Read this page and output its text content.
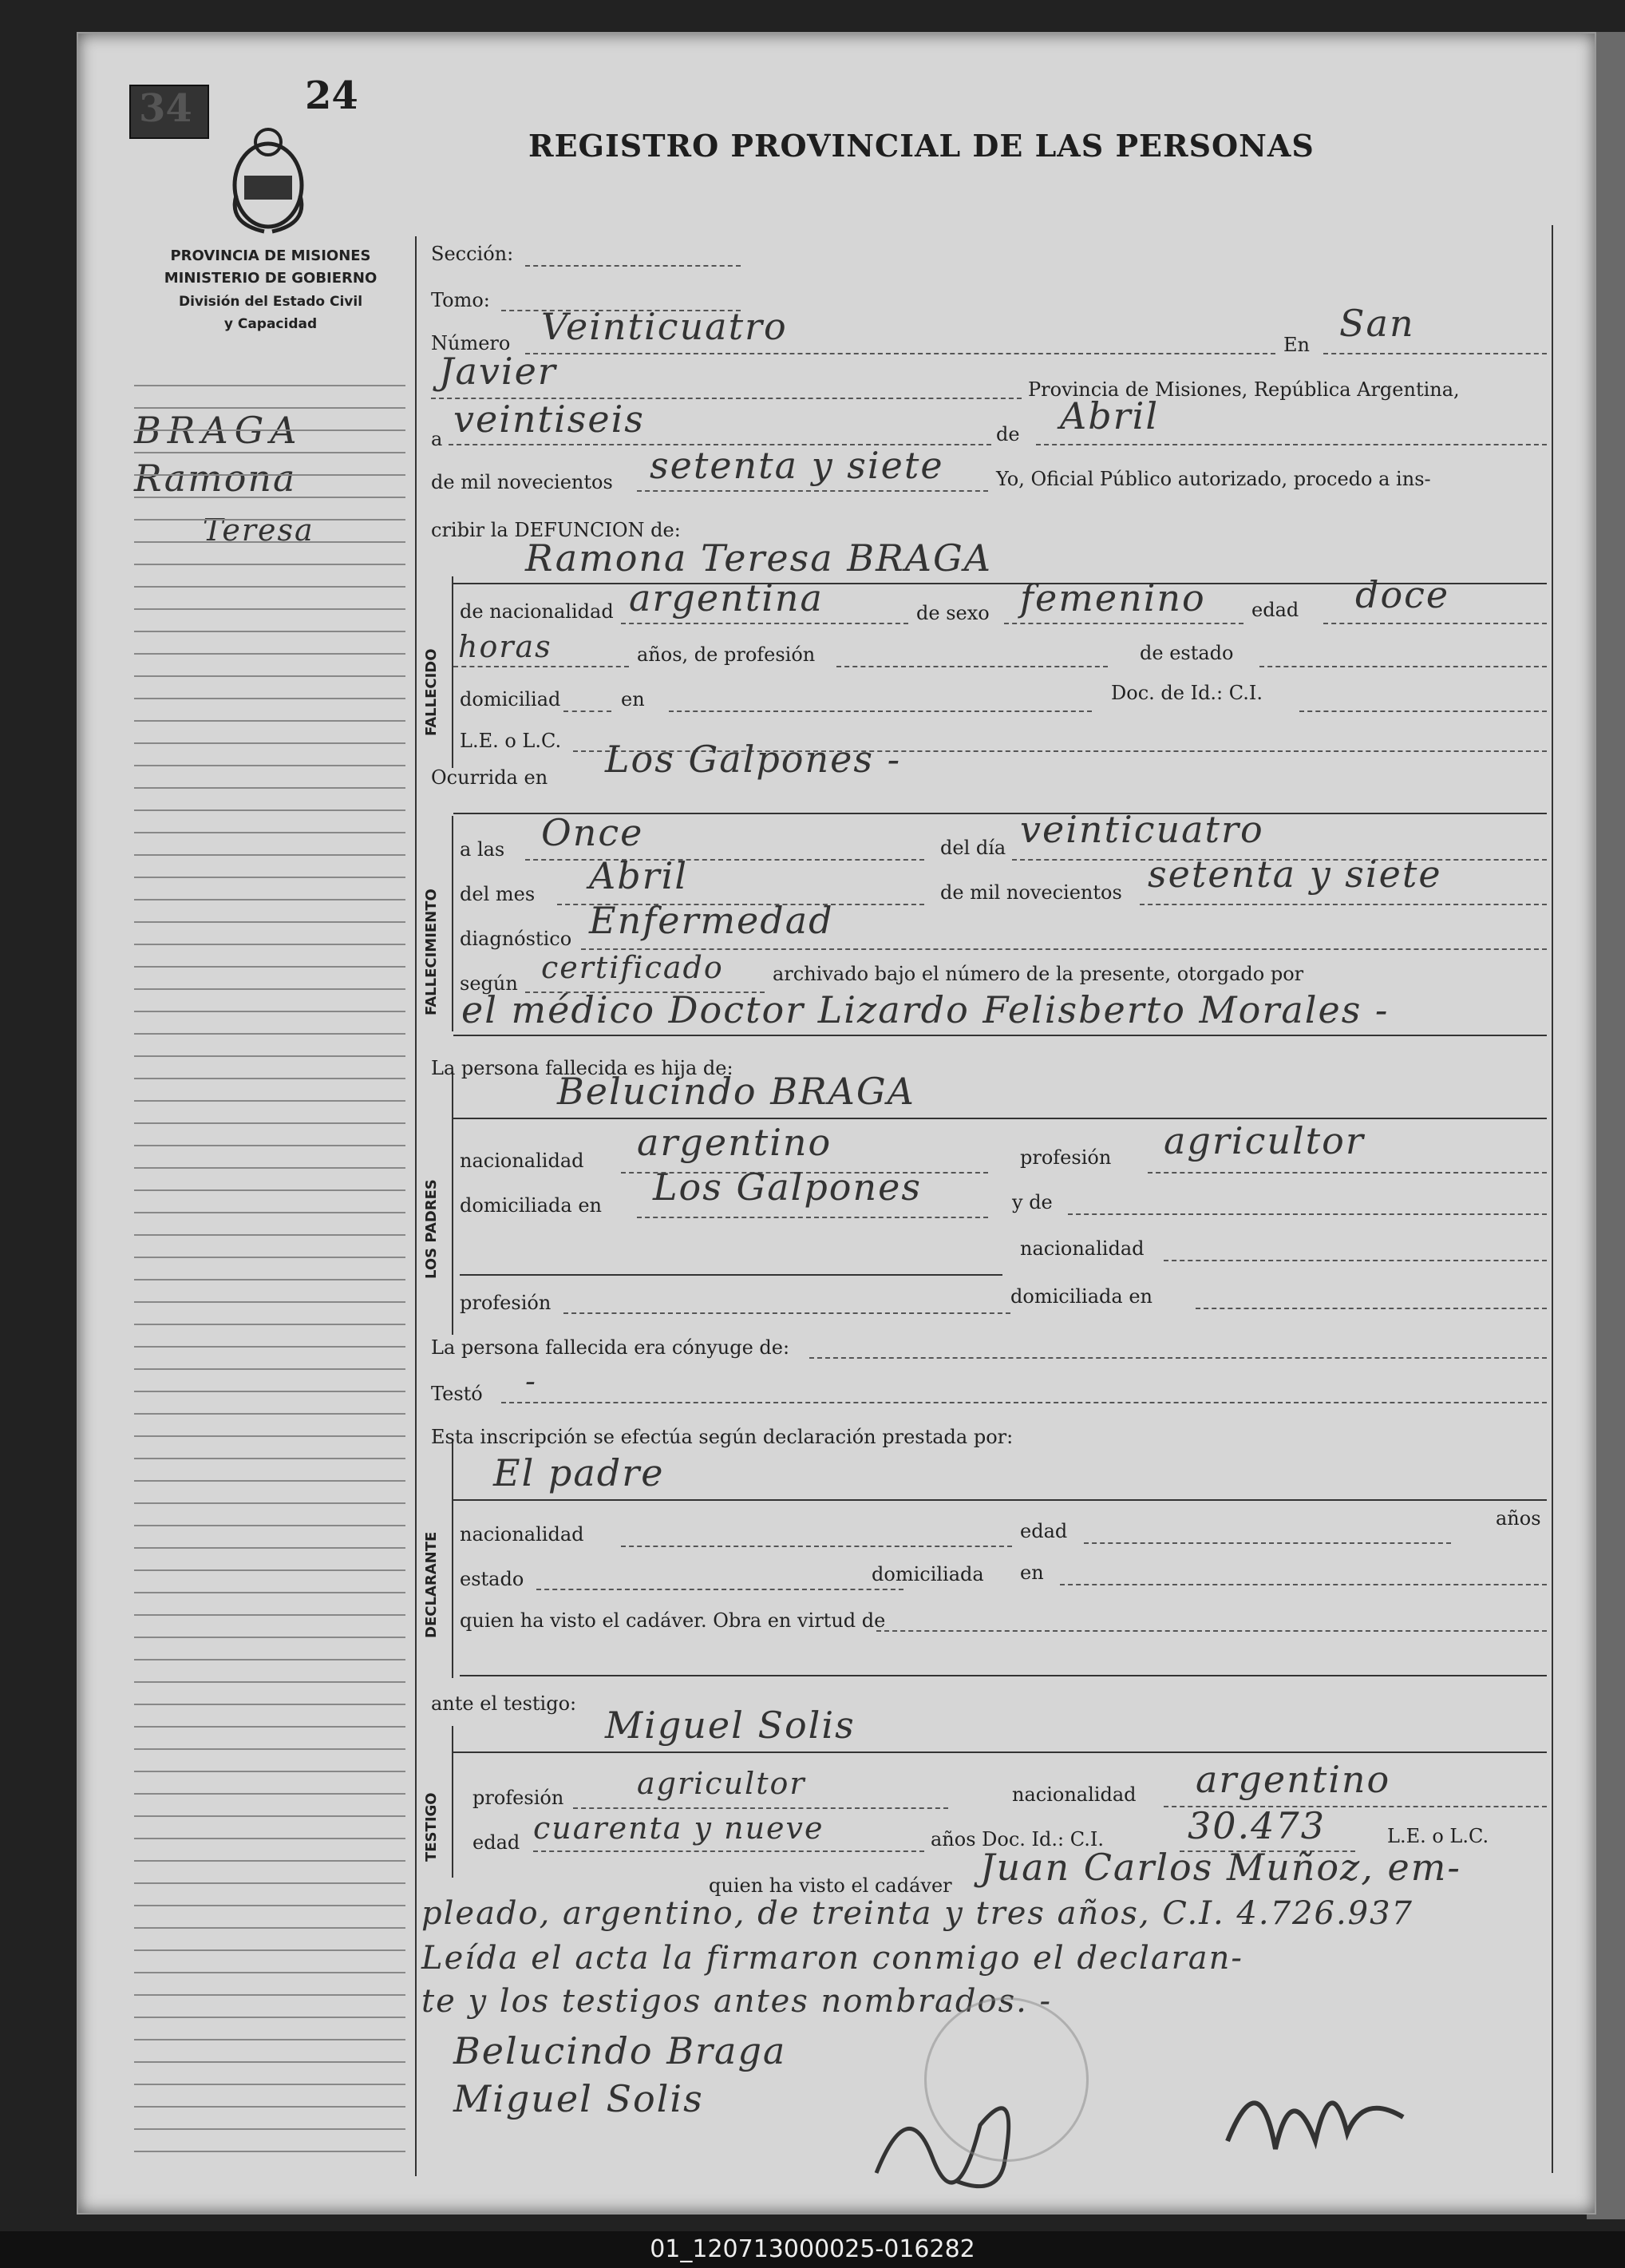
34	24
REGISTRO PROVINCIAL DE LAS PERSONAS
PROVINCIA DE MISIONES
MINISTERIO DE GOBIERNO
División del Estado Civil
y Capacidad
BRAGA
Ramona
Teresa
FALLECIDO
FALLECIMIENTO
LOS PADRES
DECLARANTE
TESTIGO
Sección:
Tomo:
Número Veinticuatro	En San
Javier	Provincia de Misiones, República Argentina,
a veintiseis	de Abril
de mil novecientos setenta y siete	Yo, Oficial Público autorizado, procedo a ins-
cribir la DEFUNCION de:
Ramona Teresa BRAGA
de nacionalidad argentina	de sexo femenino edad doce
horas	años, de profesión	de estado
domiciliad	en	Doc. de Id.: C.I.
L.E. o L.C.
Ocurrida en Los Galpones -
a las Once	del día veinticuatro
del mes Abril	de mil novecientos setenta y siete
diagnóstico Enfermedad
según certificado	archivado bajo el número de la presente, otorgado por
el médico Doctor Lizardo Felisberto Morales -
La persona fallecida es hija de:
Belucindo BRAGA
nacionalidad argentino	profesión agricultor
domiciliada en Los Galpones	y de
nacionalidad
profesión	domiciliada en
La persona fallecida era cónyuge de:
Testó -
Esta inscripción se efectúa según declaración prestada por:
El padre
nacionalidad	edad
años
estado	domiciliada en
quien ha visto el cadáver. Obra en virtud de
ante el testigo: Miguel Solis
profesión agricultor	nacionalidad argentino
edad cuarenta y nueve	años Doc. Id.: C.I. 30.473	L.E. o L.C.
quien ha visto el cadáver Juan Carlos Muñoz, em-
pleado, argentino, de treinta y tres años, C.I. 4.726.937
Leída el acta la firmaron conmigo el declaran-
te y los testigos antes nombrados. -
Belucindo Braga
Miguel Solis
01_120713000025-016282
